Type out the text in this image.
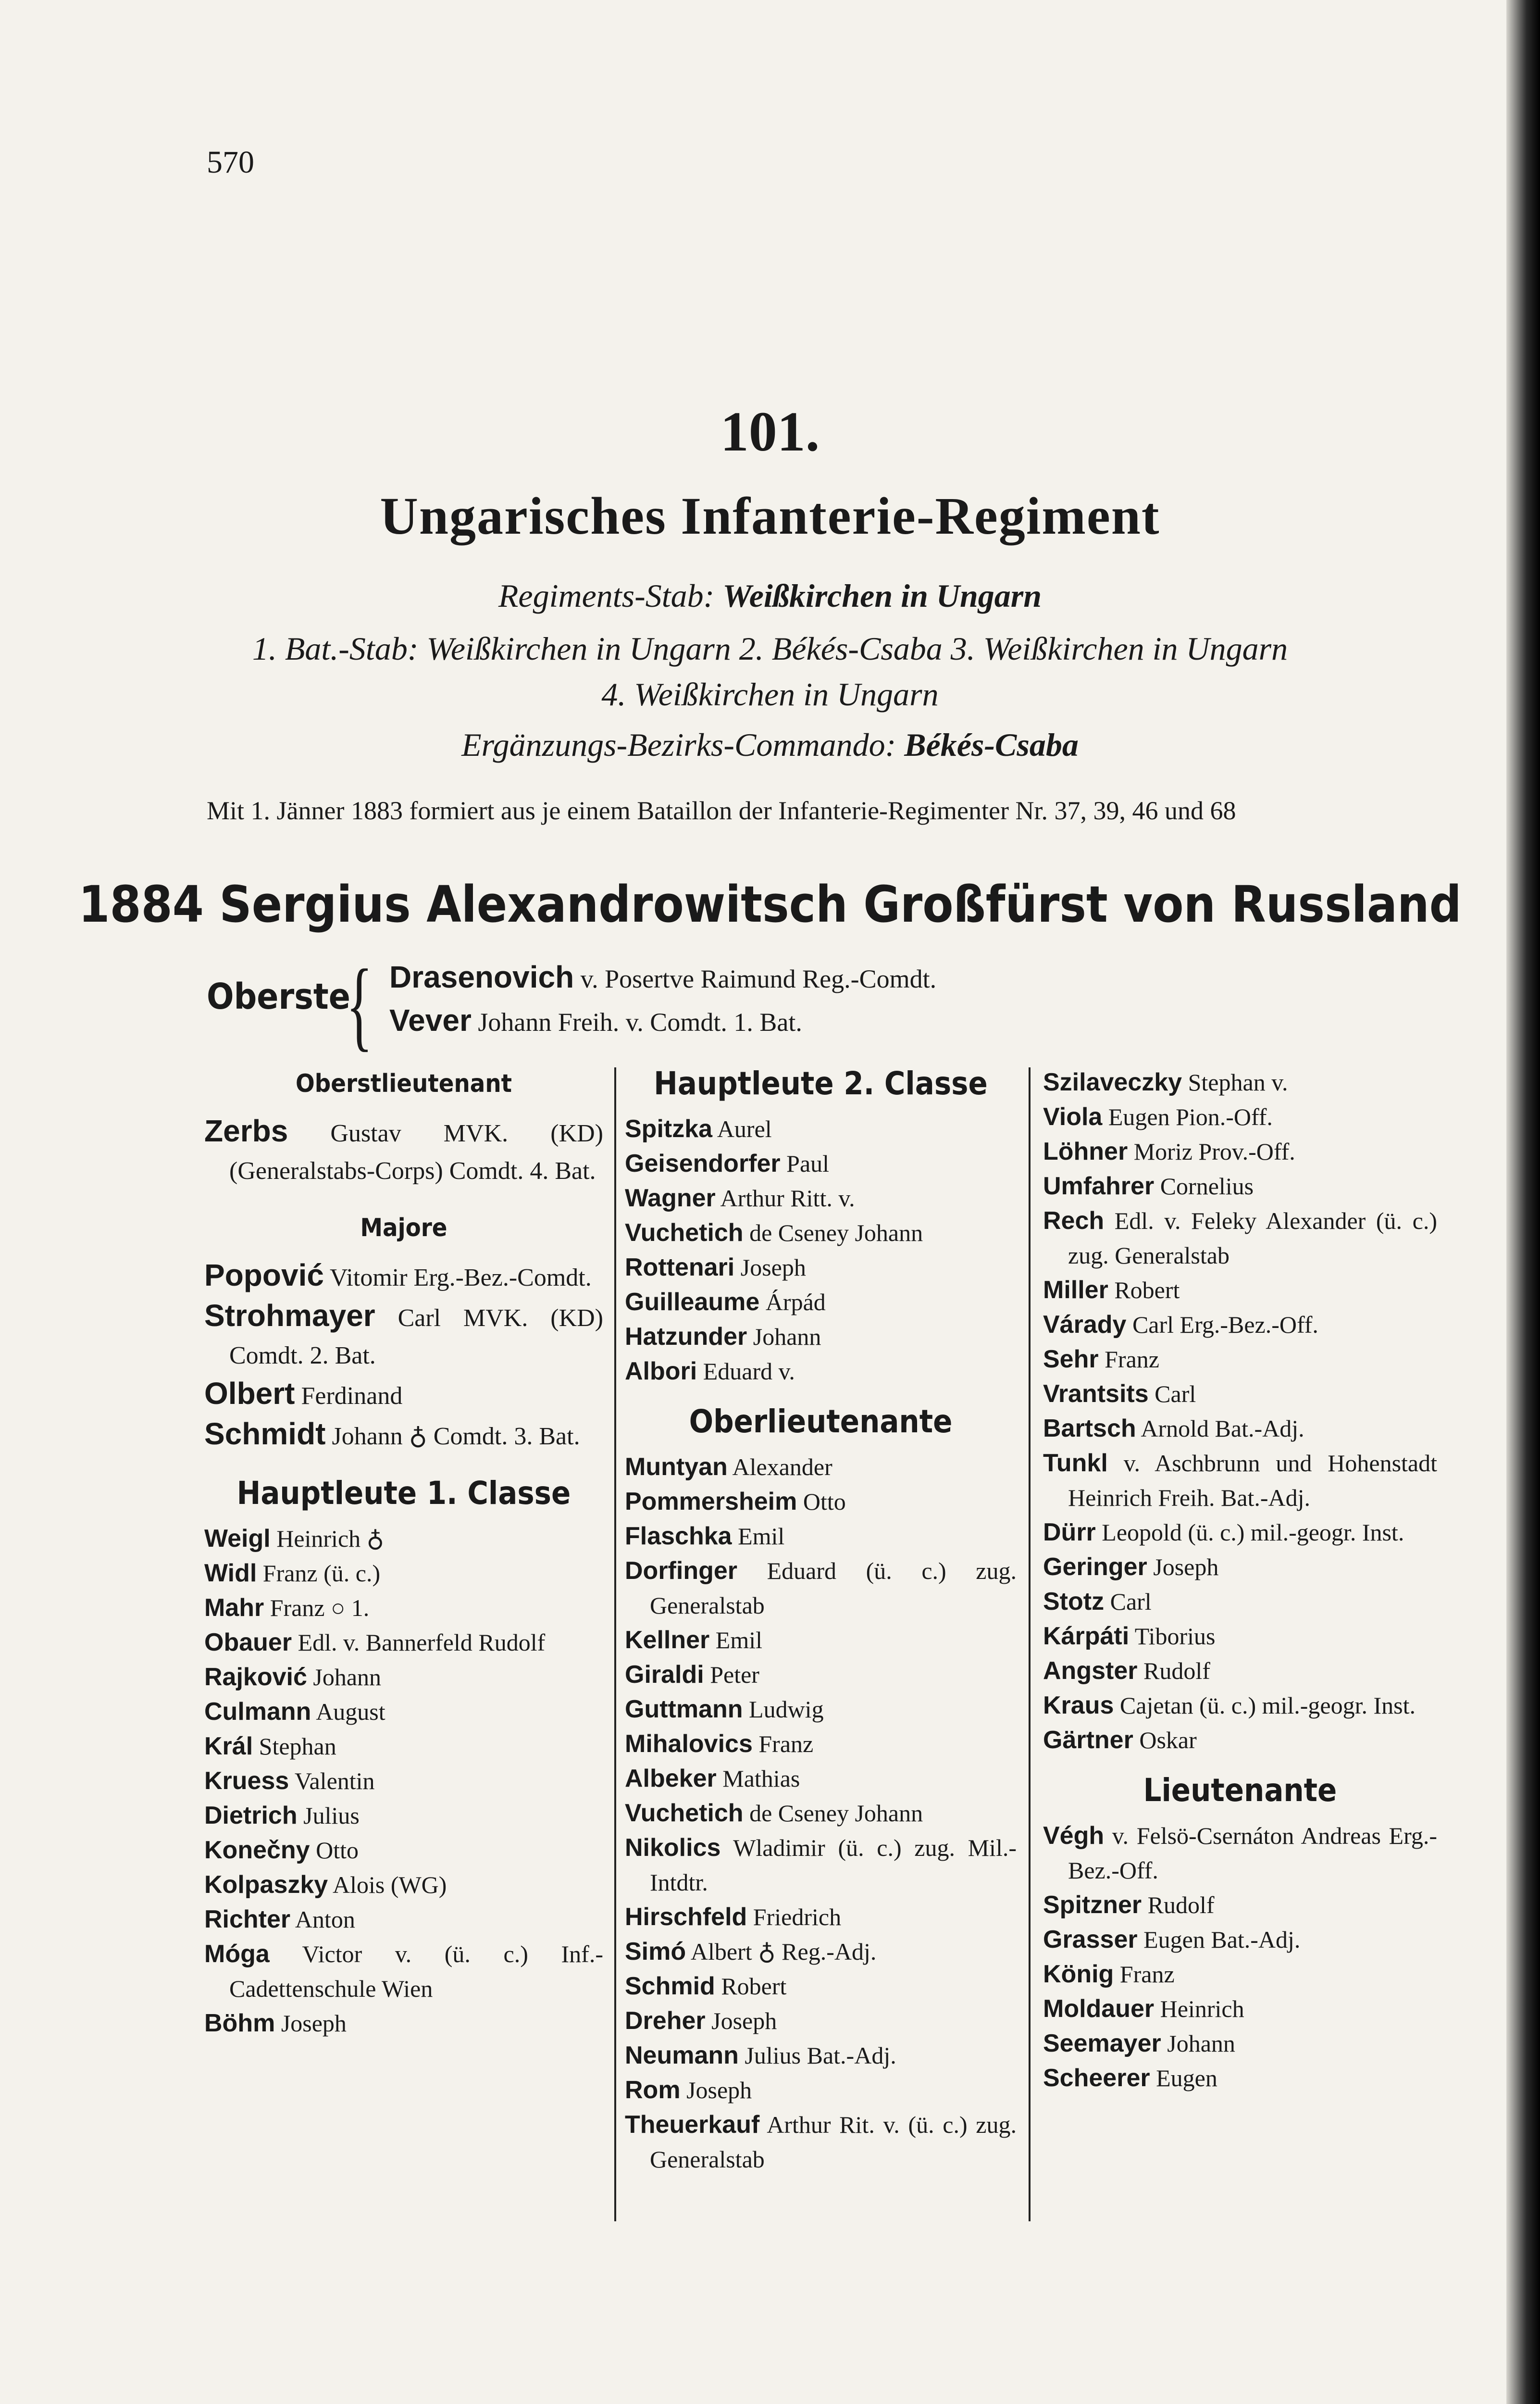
570
101.
Ungarisches Infanterie-Regiment
Regiments-Stab: Weißkirchen in Ungarn
1. Bat.-Stab: Weißkirchen in Ungarn 2. Békés-Csaba 3. Weißkirchen in Ungarn
4. Weißkirchen in Ungarn
Ergänzungs-Bezirks-Commando: Békés-Csaba
Mit 1. Jänner 1883 formiert aus je einem Bataillon der Infanterie-Regimenter Nr. 37, 39, 46 und 68
1884 Sergius Alexandrowitsch Großfürst von Russland
Oberste
{ Drasenovich v. Posertve Raimund Reg.-Comdt.
Vever Johann Freih. v. Comdt. 1. Bat.
Oberstlieutenant
Zerbs Gustav MVK. (KD) (Generalstabs-Corps) Comdt. 4. Bat.
Majore
Popović Vitomir Erg.-Bez.-Comdt.
Strohmayer Carl MVK. (KD) Comdt. 2. Bat.
Olbert Ferdinand
Schmidt Johann ♁ Comdt. 3. Bat.
Hauptleute 1. Classe
Weigl Heinrich ♁
Widl Franz (ü. c.)
Mahr Franz ○ 1.
Obauer Edl. v. Bannerfeld Rudolf
Rajković Johann
Culmann August
Král Stephan
Kruess Valentin
Dietrich Julius
Konečny Otto
Kolpaszky Alois (WG)
Richter Anton
Móga Victor v. (ü. c.) Inf.-Cadettenschule Wien
Böhm Joseph
Hauptleute 2. Classe
Spitzka Aurel
Geisendorfer Paul
Wagner Arthur Ritt. v.
Vuchetich de Cseney Johann
Rottenari Joseph
Guilleaume Árpád
Hatzunder Johann
Albori Eduard v.
Oberlieutenante
Muntyan Alexander
Pommersheim Otto
Flaschka Emil
Dorfinger Eduard (ü. c.) zug. Generalstab
Kellner Emil
Giraldi Peter
Guttmann Ludwig
Mihalovics Franz
Albeker Mathias
Vuchetich de Cseney Johann
Nikolics Wladimir (ü. c.) zug. Mil.-Intdtr.
Hirschfeld Friedrich
Simó Albert ♁ Reg.-Adj.
Schmid Robert
Dreher Joseph
Neumann Julius Bat.-Adj.
Rom Joseph
Theuerkauf Arthur Rit. v. (ü. c.) zug. Generalstab
Szilaveczky Stephan v.
Viola Eugen Pion.-Off.
Löhner Moriz Prov.-Off.
Umfahrer Cornelius
Rech Edl. v. Feleky Alexander (ü. c.) zug. Generalstab
Miller Robert
Várady Carl Erg.-Bez.-Off.
Sehr Franz
Vrantsits Carl
Bartsch Arnold Bat.-Adj.
Tunkl v. Aschbrunn und Hohenstadt Heinrich Freih. Bat.-Adj.
Dürr Leopold (ü. c.) mil.-geogr. Inst.
Geringer Joseph
Stotz Carl
Kárpáti Tiborius
Angster Rudolf
Kraus Cajetan (ü. c.) mil.-geogr. Inst.
Gärtner Oskar
Lieutenante
Végh v. Felsö-Csernáton Andreas Erg.-Bez.-Off.
Spitzner Rudolf
Grasser Eugen Bat.-Adj.
König Franz
Moldauer Heinrich
Seemayer Johann
Scheerer Eugen
